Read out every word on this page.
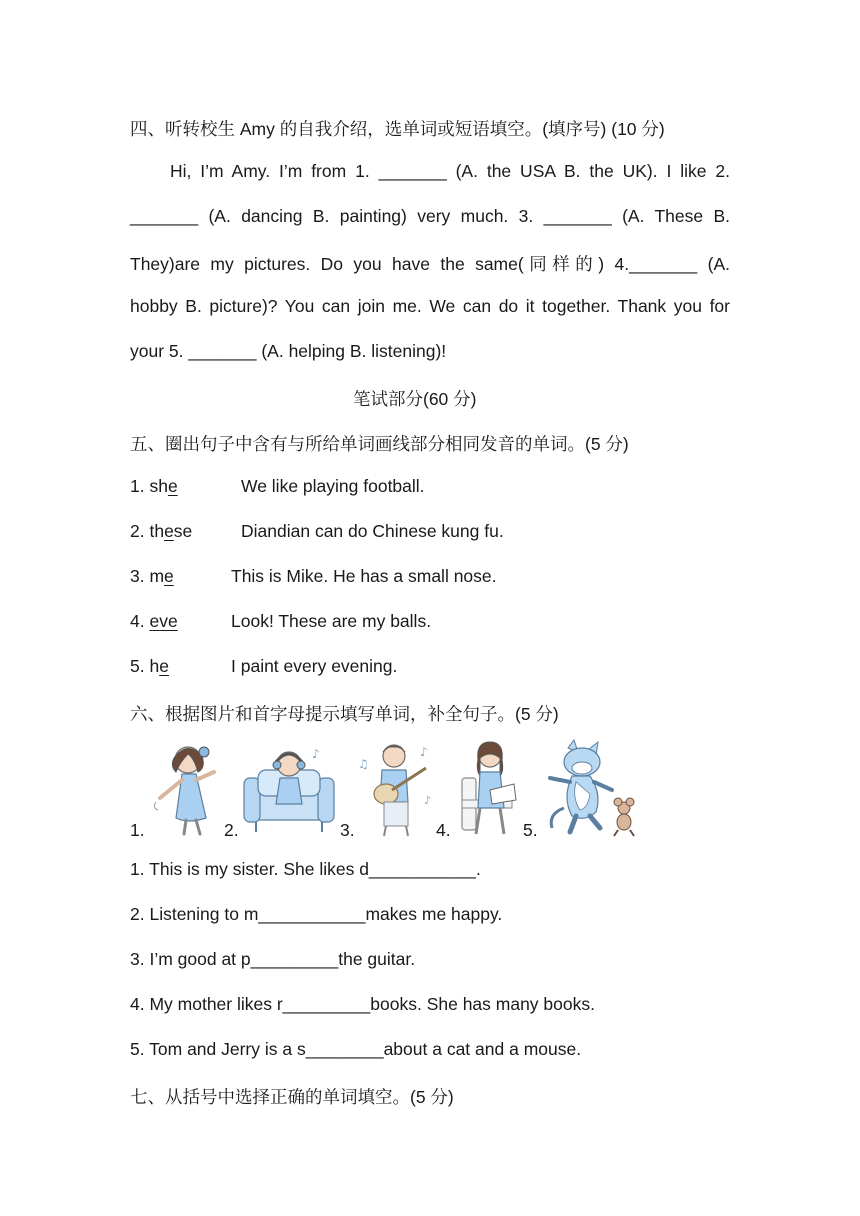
四、听转校生 Amy 的自我介绍，选单词或短语填空。(填序号) (10 分)
Hi, I’m Amy. I’m from 1. _______ (A. the USA B. the UK). I like 2.
_______ (A. dancing B. painting) very much. 3. _______ (A. These B.
They)are my pictures. Do you have the same(同样的) 4._______ (A.
hobby B. picture)? You can join me. We can do it together. Thank you for
your 5. _______ (A. helping B. listening)!
笔试部分(60 分)
五、圈出句子中含有与所给单词画线部分相同发音的单词。(5 分)
1. she	We like playing football.
2. these	Diandian can do Chinese kung fu.
3. me	This is Mike. He has a small nose.
4. eve	Look! These are my balls.
5. he	I paint every evening.
六、根据图片和首字母提示填写单词，补全句子。(5 分)
1.	2.
♪
3.
♫
♪
♪
4.	5.
1. This is my sister. She likes d___________.
2. Listening to m___________makes me happy.
3. I’m good at p_________the guitar.
4. My mother likes r_________books. She has many books.
5. Tom and Jerry is a s________about a cat and a mouse.
七、从括号中选择正确的单词填空。(5 分)
